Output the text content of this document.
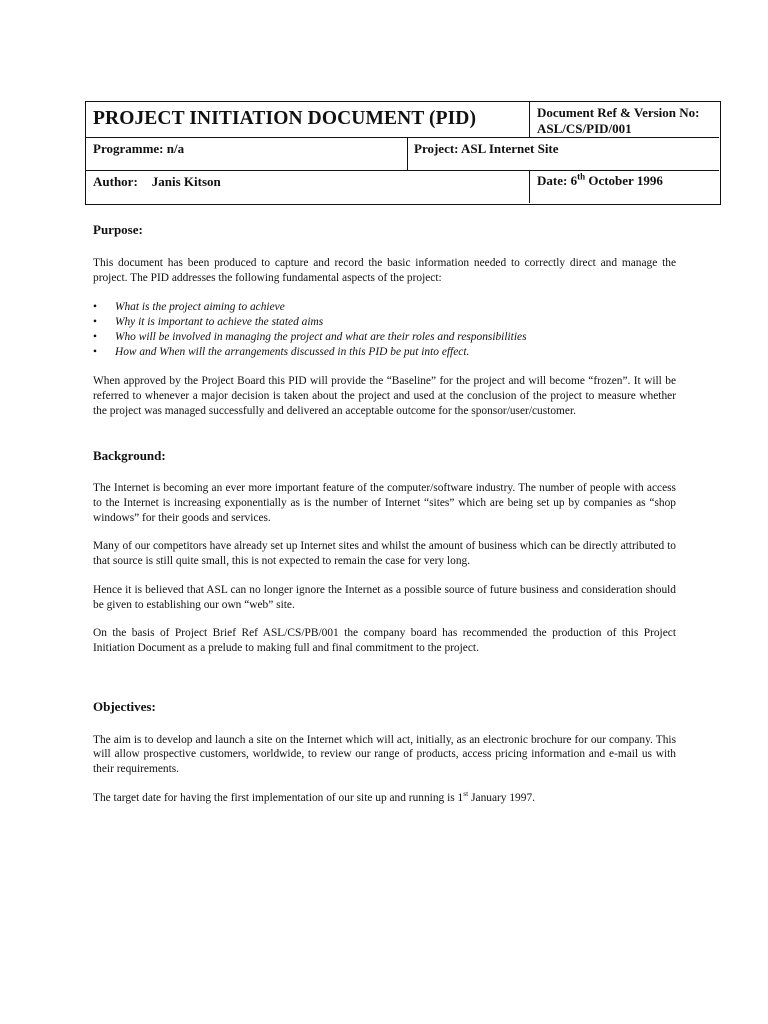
PROJECT INITIATION DOCUMENT (PID)	Document Ref & Version No:
ASL/CS/PID/001
Programme: n/a	Project: ASL Internet Site
Author: Janis Kitson	Date: 6th October 1996
Purpose:

This document has been produced to capture and record the basic information needed to correctly direct and manage the project. The PID addresses the following fundamental aspects of the project:

• What is the project aiming to achieve
• Why it is important to achieve the stated aims
• Who will be involved in managing the project and what are their roles and responsibilities
• How and When will the arrangements discussed in this PID be put into effect.

When approved by the Project Board this PID will provide the “Baseline” for the project and will become “frozen”. It will be referred to whenever a major decision is taken about the project and used at the conclusion of the project to measure whether the project was managed successfully and delivered an acceptable outcome for the sponsor/user/customer.

Background:

The Internet is becoming an ever more important feature of the computer/software industry. The number of people with access to the Internet is increasing exponentially as is the number of Internet “sites” which are being set up by companies as “shop windows” for their goods and services.

Many of our competitors have already set up Internet sites and whilst the amount of business which can be directly attributed to that source is still quite small, this is not expected to remain the case for very long.

Hence it is believed that ASL can no longer ignore the Internet as a possible source of future business and consideration should be given to establishing our own “web” site.

On the basis of Project Brief Ref ASL/CS/PB/001 the company board has recommended the production of this Project Initiation Document as a prelude to making full and final commitment to the project.

Objectives:

The aim is to develop and launch a site on the Internet which will act, initially, as an electronic brochure for our company. This will allow prospective customers, worldwide, to review our range of products, access pricing information and e-mail us with their requirements.

The target date for having the first implementation of our site up and running is 1st January 1997.
